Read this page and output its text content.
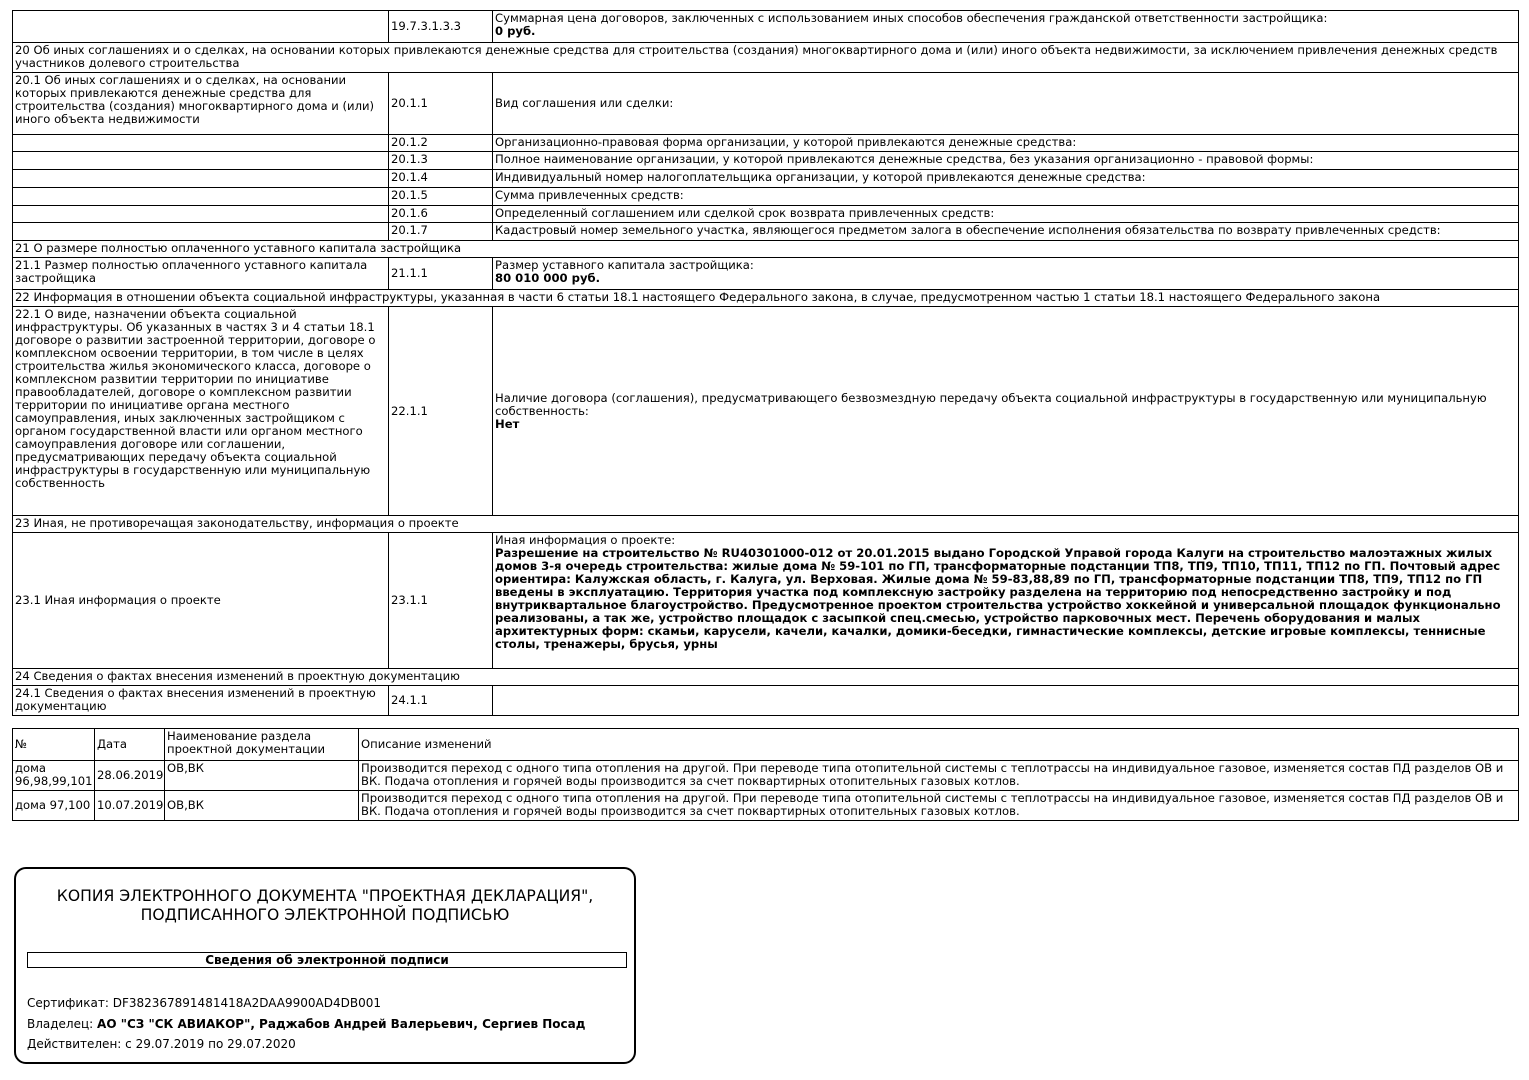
	19.7.3.1.3.3	Суммарная цена договоров, заключенных с использованием иных способов обеспечения гражданской ответственности застройщика:
0 руб.

20 Об иных соглашениях и о сделках, на основании которых привлекаются денежные средства для строительства (создания) многоквартирного дома и (или) иного объекта недвижимости, за исключением привлечения денежных средств участников долевого строительства		
20.1 Об иных соглашениях и о сделках, на основании которых привлекаются денежные средства для строительства (создания) многоквартирного дома и (или) иного объекта недвижимости	20.1.1	Вид соглашения или сделки:
	20.1.2	Организационно-правовая форма организации, у которой привлекаются денежные средства:
	20.1.3	Полное наименование организации, у которой привлекаются денежные средства, без указания организационно - правовой формы:
	20.1.4	Индивидуальный номер налогоплательщика организации, у которой привлекаются денежные средства:
	20.1.5	Сумма привлеченных средств:
	20.1.6	Определенный соглашением или сделкой срок возврата привлеченных средств:
	20.1.7	Кадастровый номер земельного участка, являющегося предметом залога в обеспечение исполнения обязательства по возврату привлеченных средств:
21 О размере полностью оплаченного уставного капитала застройщика		
21.1 Размер полностью оплаченного уставного капитала застройщика	21.1.1	Размер уставного капитала застройщика:
80 010 000 руб.

22 Информация в отношении объекта социальной инфраструктуры, указанная в части 6 статьи 18.1 настоящего Федерального закона, в случае, предусмотренном частью 1 статьи 18.1 настоящего Федерального закона		
22.1 О виде, назначении объекта социальной инфраструктуры. Об указанных в частях 3 и 4 статьи 18.1 договоре о развитии застроенной территории, договоре о комплексном освоении территории, в том числе в целях строительства жилья экономического класса, договоре о комплексном развитии территории по инициативе правообладателей, договоре о комплексном развитии территории по инициативе органа местного самоуправления, иных заключенных застройщиком с органом государственной власти или органом местного самоуправления договоре или соглашении, предусматривающих передачу объекта социальной инфраструктуры в государственную или муниципальную собственность	22.1.1	Наличие договора (соглашения), предусматривающего безвозмездную передачу объекта социальной инфраструктуры в государственную или муниципальную собственность:
Нет

23 Иная, не противоречащая законодательству, информация о проекте		
23.1 Иная информация о проекте	23.1.1	Иная информация о проекте:
Разрешение на строительство № RU40301000-012 от 20.01.2015 выдано Городской Управой города Калуги на строительство малоэтажных жилых домов 3-я очередь строительства: жилые дома № 59-101 по ГП, трансформаторные подстанции ТП8, ТП9, ТП10, ТП11, ТП12 по ГП. Почтовый адрес ориентира: Калужская область, г. Калуга, ул. Верховая. Жилые дома № 59-83,88,89 по ГП, трансформаторные подстанции ТП8, ТП9, ТП12 по ГП введены в эксплуатацию. Территория участка под комплексную застройку разделена на территорию под непосредственно застройку и под внутриквартальное благоустройство. Предусмотренное проектом строительства устройство хоккейной и универсальной площадок функционально реализованы, а так же, устройство площадок с засыпкой спец.смесью, устройство парковочных мест. Перечень оборудования и малых архитектурных форм: скамьи, карусели, качели, качалки, домики-беседки, гимнастические комплексы, детские игровые комплексы, теннисные столы, тренажеры, брусья, урны

24 Сведения о фактах внесения изменений в проектную документацию		
24.1 Сведения о фактах внесения изменений в проектную документацию	24.1.1	
№	Дата	Наименование раздела проектной документации	Описание изменений
дома 96,98,99,101	28.06.2019	ОВ,ВК	Производится переход с одного типа отопления на другой. При переводе типа отопительной системы с теплотрассы на индивидуальное газовое, изменяется состав ПД разделов ОВ и ВК. Подача отопления и горячей воды производится за счет поквартирных отопительных газовых котлов.
дома 97,100	10.07.2019	ОВ,ВК	Производится переход с одного типа отопления на другой. При переводе типа отопительной системы с теплотрассы на индивидуальное газовое, изменяется состав ПД разделов ОВ и ВК. Подача отопления и горячей воды производится за счет поквартирных отопительных газовых котлов.
КОПИЯ ЭЛЕКТРОННОГО ДОКУМЕНТА "ПРОЕКТНАЯ ДЕКЛАРАЦИЯ",
ПОДПИСАННОГО ЭЛЕКТРОННОЙ ПОДПИСЬЮ
Сведения об электронной подписи
Сертификат: DF382367891481418A2DAA9900AD4DB001
Владелец: АО "СЗ "СК АВИАКОР", Раджабов Андрей Валерьевич, Сергиев Посад
Действителен: с 29.07.2019 по 29.07.2020
